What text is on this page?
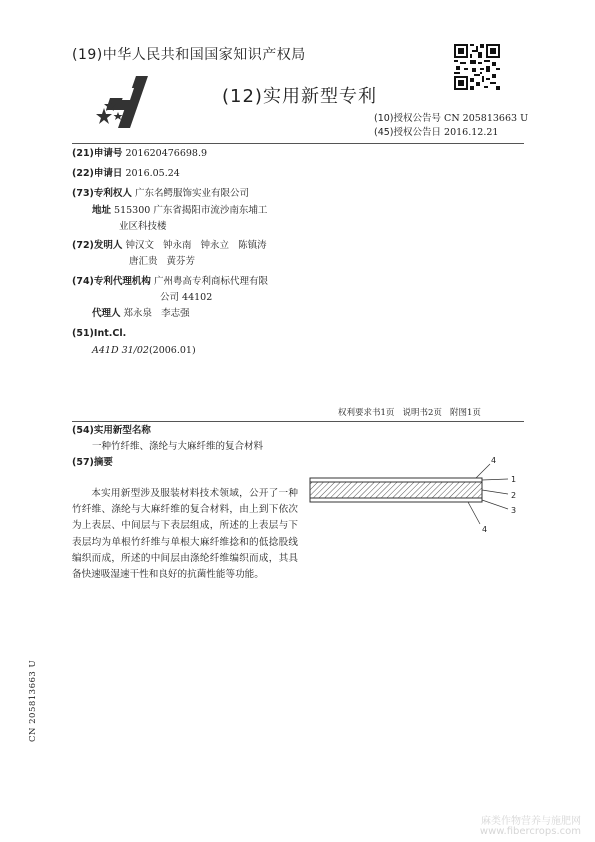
(19)中华人民共和国国家知识产权局
(12)实用新型专利
(10)授权公告号 CN 205813663 U
(45)授权公告日 2016.12.21
(21)申请号 201620476698.9
(22)申请日 2016.05.24
(73)专利权人 广东名鳄服饰实业有限公司
地址 515300 广东省揭阳市流沙南东埔工
业区科技楼
(72)发明人 钟汉文   钟永南   钟永立   陈镇涛
唐汇贵   黄芬芳
(74)专利代理机构 广州粤高专利商标代理有限
公司 44102
代理人 郑永泉   李志强
(51)Int.Cl.
A41D 31/02(2006.01)
权利要求书1页   说明书2页   附图1页
(54)实用新型名称
一种竹纤维、涤纶与大麻纤维的复合材料
(57)摘要
本实用新型涉及服装材料技术领域，公开了一种竹纤维、涤纶与大麻纤维的复合材料，由上到下依次为上表层、中间层与下表层组成，所述的上表层与下表层均为单根竹纤维与单根大麻纤维捻和的低捻股线编织而成，所述的中间层由涤纶纤维编织而成，其具备快速吸湿速干性和良好的抗菌性能等功能。
4
1
2
3
4
CN 205813663 U
麻类作物营养与施肥网
www.fibercrops.com
